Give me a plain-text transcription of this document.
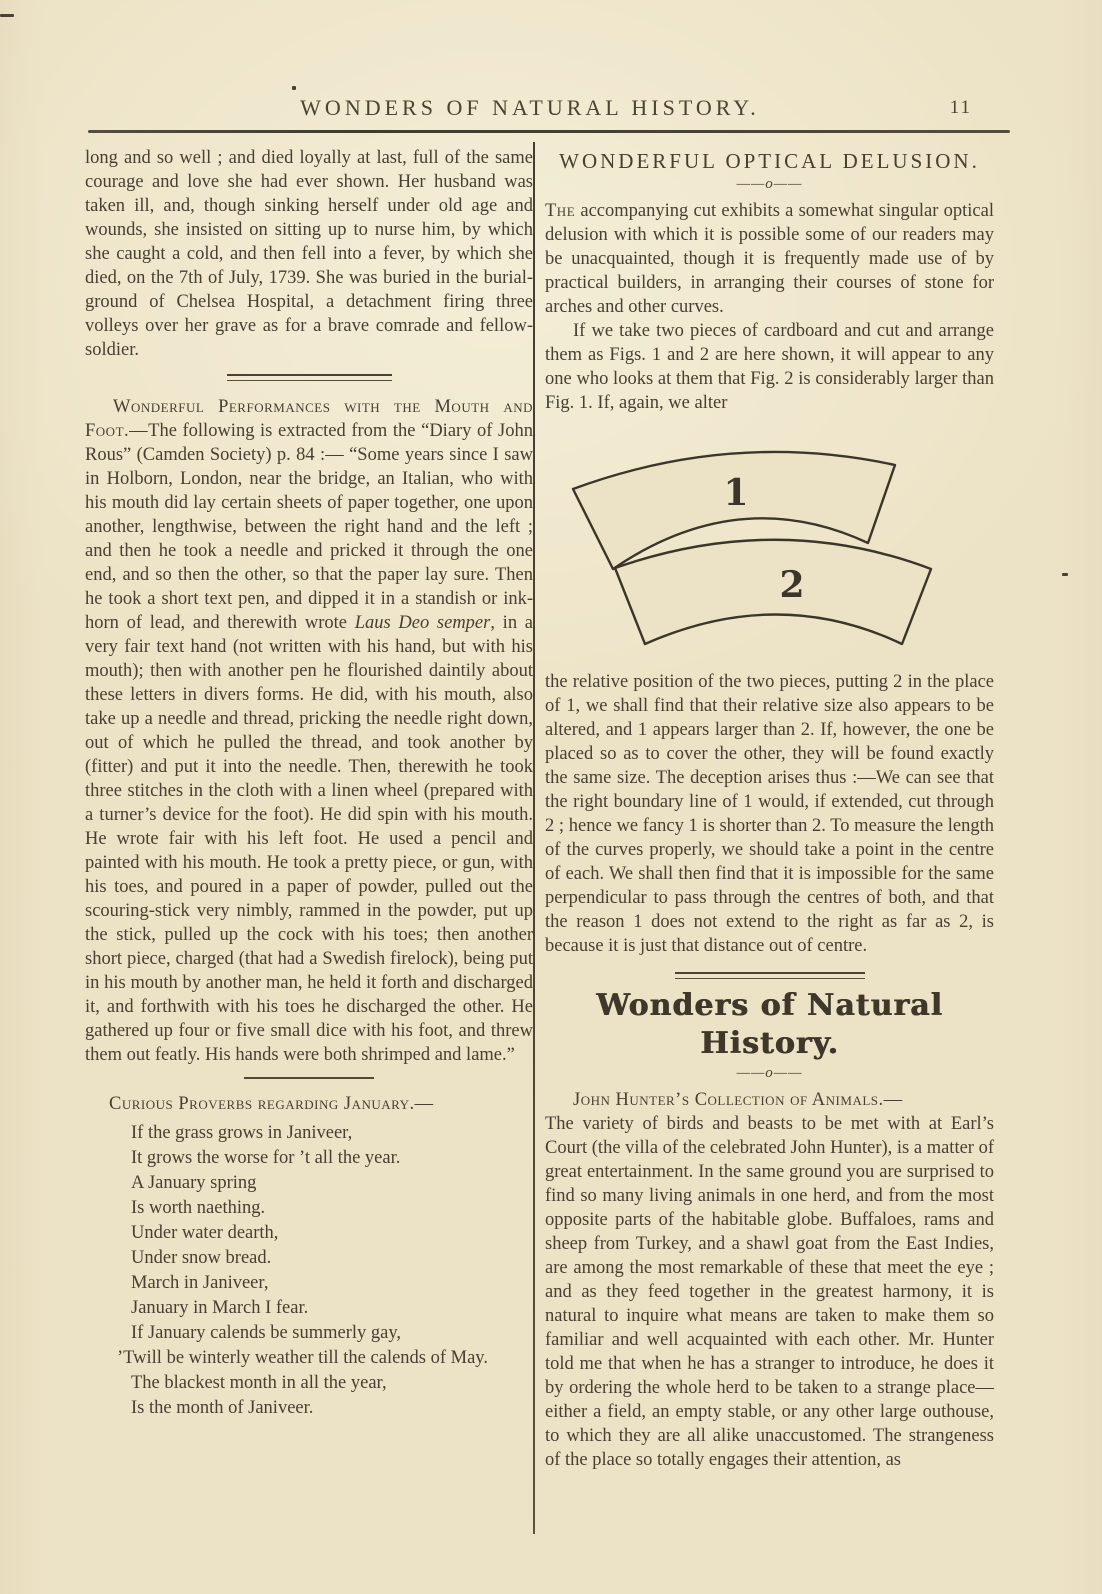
WONDERS OF NATURAL HISTORY.	11

long and so well ; and died loyally at last, full of the same courage and love she had ever shown. Her husband was taken ill, and, though sinking herself under old age and wounds, she insisted on sitting up to nurse him, by which she caught a cold, and then fell into a fever, by which she died, on the 7th of July, 1739. She was buried in the burial-ground of Chelsea Hospital, a detachment firing three volleys over her grave as for a brave comrade and fellow-soldier.

Wonderful Performances with the Mouth and Foot.—The following is extracted from the “Diary of John Rous” (Camden Society) p. 84 :— “Some years since I saw in Holborn, London, near the bridge, an Italian, who with his mouth did lay certain sheets of paper together, one upon another, lengthwise, between the right hand and the left ; and then he took a needle and pricked it through the one end, and so then the other, so that the paper lay sure. Then he took a short text pen, and dipped it in a standish or ink-horn of lead, and therewith wrote Laus Deo semper, in a very fair text hand (not written with his hand, but with his mouth); then with another pen he flourished daintily about these letters in divers forms. He did, with his mouth, also take up a needle and thread, pricking the needle right down, out of which he pulled the thread, and took another by (fitter) and put it into the needle. Then, therewith he took three stitches in the cloth with a linen wheel (prepared with a turner’s device for the foot). He did spin with his mouth. He wrote fair with his left foot. He used a pencil and painted with his mouth. He took a pretty piece, or gun, with his toes, and poured in a paper of powder, pulled out the scouring-stick very nimbly, rammed in the powder, put up the stick, pulled up the cock with his toes; then another short piece, charged (that had a Swedish firelock), being put in his mouth by another man, he held it forth and discharged it, and forthwith with his toes he discharged the other. He gathered up four or five small dice with his foot, and threw them out featly. His hands were both shrimped and lame.”

Curious Proverbs regarding January.—

If the grass grows in Janiveer,
It grows the worse for ’t all the year.
A January spring
Is worth naething.
Under water dearth,
Under snow bread.
March in Janiveer,
January in March I fear.
If January calends be summerly gay,
’Twill be winterly weather till the calends of May.
The blackest month in all the year,
Is the month of Janiveer.
WONDERFUL OPTICAL DELUSION.
——o——

The accompanying cut exhibits a somewhat singular optical delusion with which it is possible some of our readers may be unacquainted, though it is frequently made use of by practical builders, in arranging their courses of stone for arches and other curves.

If we take two pieces of cardboard and cut and arrange them as Figs. 1 and 2 are here shown, it will appear to any one who looks at them that Fig. 2 is considerably larger than Fig. 1. If, again, we alter

1
2

the relative position of the two pieces, putting 2 in the place of 1, we shall find that their relative size also appears to be altered, and 1 appears larger than 2. If, however, the one be placed so as to cover the other, they will be found exactly the same size. The deception arises thus :—We can see that the right boundary line of 1 would, if extended, cut through 2 ; hence we fancy 1 is shorter than 2. To measure the length of the curves properly, we should take a point in the centre of each. We shall then find that it is impossible for the same perpendicular to pass through the centres of both, and that the reason 1 does not extend to the right as far as 2, is because it is just that distance out of centre.

Wonders of Natural History.
——o——

John Hunter’s Collection of Animals.—
The variety of birds and beasts to be met with at Earl’s Court (the villa of the celebrated John Hunter), is a matter of great entertainment. In the same ground you are surprised to find so many living animals in one herd, and from the most opposite parts of the habitable globe. Buffaloes, rams and sheep from Turkey, and a shawl goat from the East Indies, are among the most remarkable of these that meet the eye ; and as they feed together in the greatest harmony, it is natural to inquire what means are taken to make them so familiar and well acquainted with each other. Mr. Hunter told me that when he has a stranger to introduce, he does it by ordering the whole herd to be taken to a strange place—either a field, an empty stable, or any other large outhouse, to which they are all alike unaccustomed. The strangeness of the place so totally engages their attention, as
